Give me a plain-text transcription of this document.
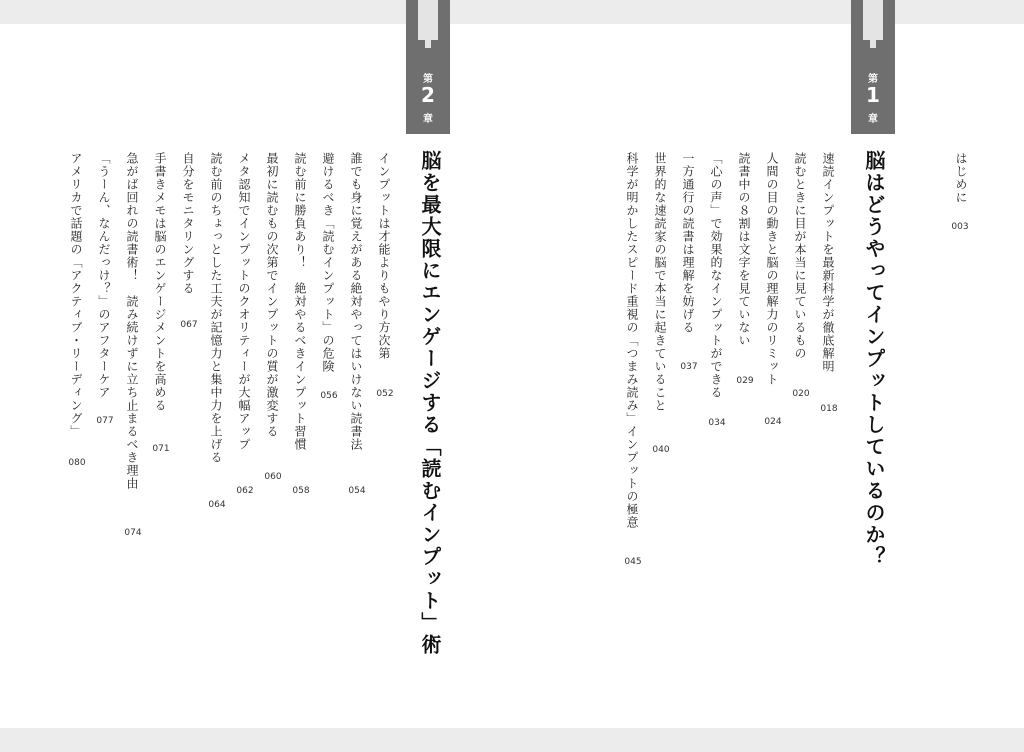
第
1
章
第
2
章
はじめに
003
脳はどうやってインプットしているのか？
速読インプットを最新科学が徹底解明
018
読むときに目が本当に見ているもの
020
人間の目の動きと脳の理解力のリミット
024
読書中の８割は文字を見ていない
029
「心の声」で効果的なインプットができる
034
一方通行の読書は理解を妨げる
037
世界的な速読家の脳で本当に起きていること
040
科学が明かしたスピード重視の「つまみ読み」インプットの極意
045
脳を最大限にエンゲージする「読むインプット」術
インプットは才能よりもやり方次第
052
誰でも身に覚えがある絶対やってはいけない読書法
054
避けるべき「読むインプット」の危険
056
読む前に勝負あり！　絶対やるべきインプット習慣
058
最初に読むもの次第でインプットの質が激変する
060
メタ認知でインプットのクオリティーが大幅アップ
062
読む前のちょっとした工夫が記憶力と集中力を上げる
064
自分をモニタリングする
067
手書きメモは脳のエンゲージメントを高める
071
急がば回れの読書術！　読み続けずに立ち止まるべき理由
074
「うーん、なんだっけ？」のアフターケア
077
アメリカで話題の「アクティブ・リーディング」
080
